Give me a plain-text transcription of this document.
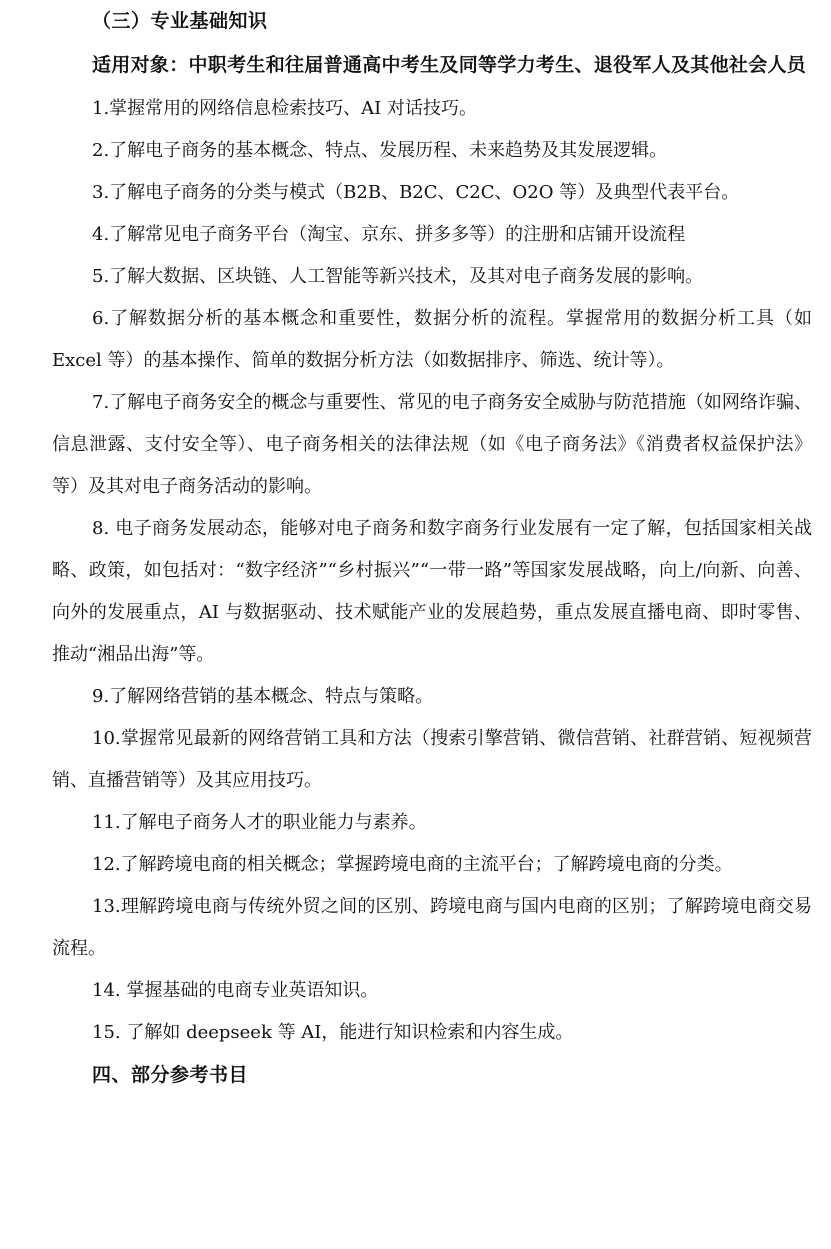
（三）专业基础知识

适用对象：中职考生和往届普通高中考生及同等学力考生、退役军人及其他社会人员

1.掌握常用的网络信息检索技巧、AI 对话技巧。

2.了解电子商务的基本概念、特点、发展历程、未来趋势及其发展逻辑。

3.了解电子商务的分类与模式（B2B、B2C、C2C、O2O 等）及典型代表平台。

4.了解常见电子商务平台（淘宝、京东、拼多多等）的注册和店铺开设流程

5.了解大数据、区块链、人工智能等新兴技术，及其对电子商务发展的影响。

6.了解数据分析的基本概念和重要性，数据分析的流程。掌握常用的数据分析工具（如 Excel 等）的基本操作、简单的数据分析方法（如数据排序、筛选、统计等）。

7.了解电子商务安全的概念与重要性、常见的电子商务安全威胁与防范措施（如网络诈骗、信息泄露、支付安全等）、电子商务相关的法律法规（如《电子商务法》《消费者权益保护法》等）及其对电子商务活动的影响。

8. 电子商务发展动态，能够对电子商务和数字商务行业发展有一定了解，包括国家相关战略、政策，如包括对：“数字经济”“乡村振兴”“一带一路”等国家发展战略，向上/向新、向善、向外的发展重点，AI 与数据驱动、技术赋能产业的发展趋势，重点发展直播电商、即时零售、推动“湘品出海”等。

9.了解网络营销的基本概念、特点与策略。

10.掌握常见最新的网络营销工具和方法（搜索引擎营销、微信营销、社群营销、短视频营销、直播营销等）及其应用技巧。

11.了解电子商务人才的职业能力与素养。

12.了解跨境电商的相关概念；掌握跨境电商的主流平台；了解跨境电商的分类。

13.理解跨境电商与传统外贸之间的区别、跨境电商与国内电商的区别；了解跨境电商交易流程。

14. 掌握基础的电商专业英语知识。

15. 了解如 deepseek 等 AI，能进行知识检索和内容生成。

四、部分参考书目
